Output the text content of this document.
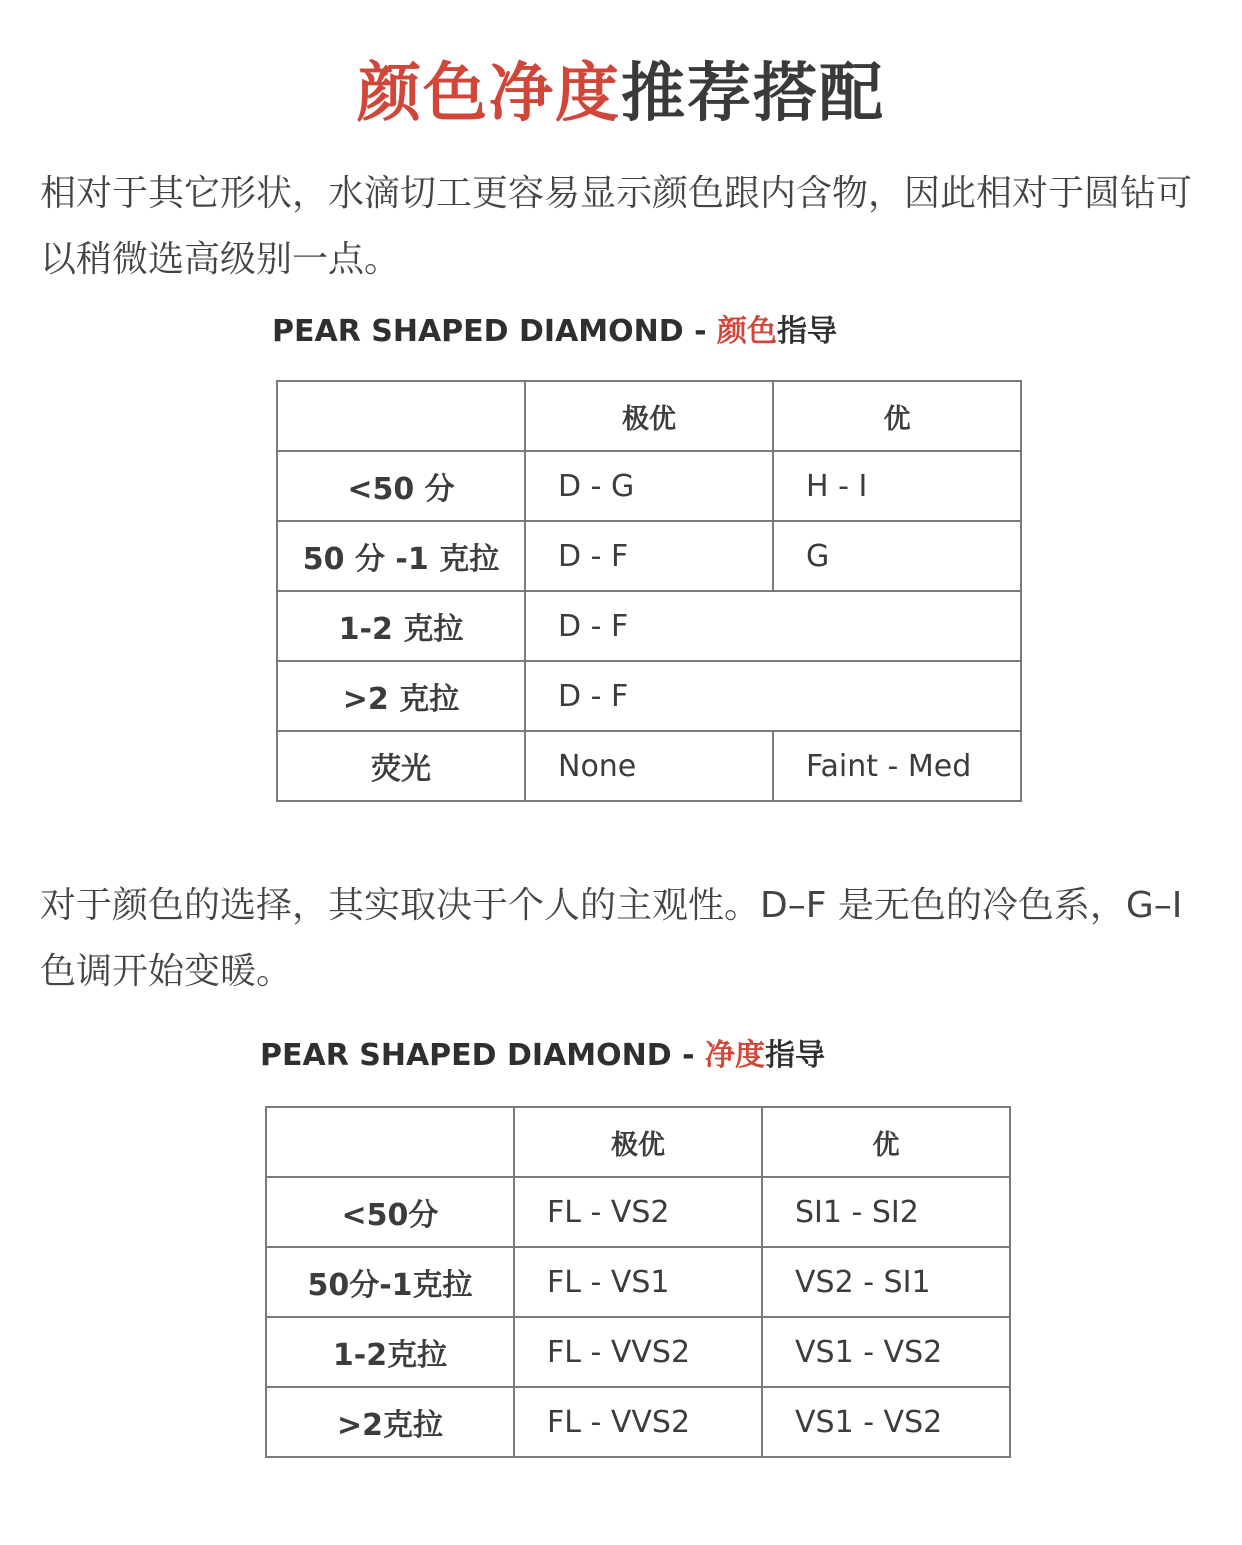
颜色净度推荐搭配
相对于其它形状，水滴切工更容易显示颜色跟内含物，因此相对于圆钻可以稍微选高级别一点。
PEAR SHAPED DIAMOND - 颜色指导
	极优	优
<50 分	D - G	H - I
50 分 -1 克拉	D - F	G
1-2 克拉	D - F	
>2 克拉	D - F	
荧光	None	Faint - Med
对于颜色的选择，其实取决于个人的主观性。D–F 是无色的冷色系，G–I 色调开始变暖。
PEAR SHAPED DIAMOND - 净度指导
	极优	优
<50分	FL - VS2	SI1 - SI2
50分-1克拉	FL - VS1	VS2 - SI1
1-2克拉	FL - VVS2	VS1 - VS2
>2克拉	FL - VVS2	VS1 - VS2
